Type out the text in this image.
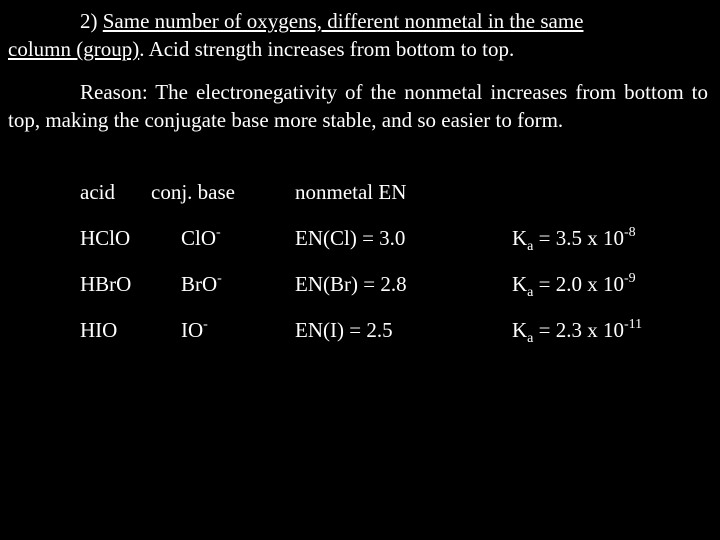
2) Same number of oxygens, different nonmetal in the same
column (group). Acid strength increases from bottom to top.

Reason: The electronegativity of the nonmetal increases from bottom to top, making the conjugate base more stable, and so easier to form.

acid conj. base	nonmetal EN
HClO ClO-	EN(Cl) = 3.0	$K_a = 3.5$ x $10^{-8}$
HBrO BrO-	EN(Br) = 2.8	$K_a = 2.0$ x $10^{-9}$
HIO	IO-	EN(I) = 2.5	$K_a = 2.3$ x $10^{-11}$
